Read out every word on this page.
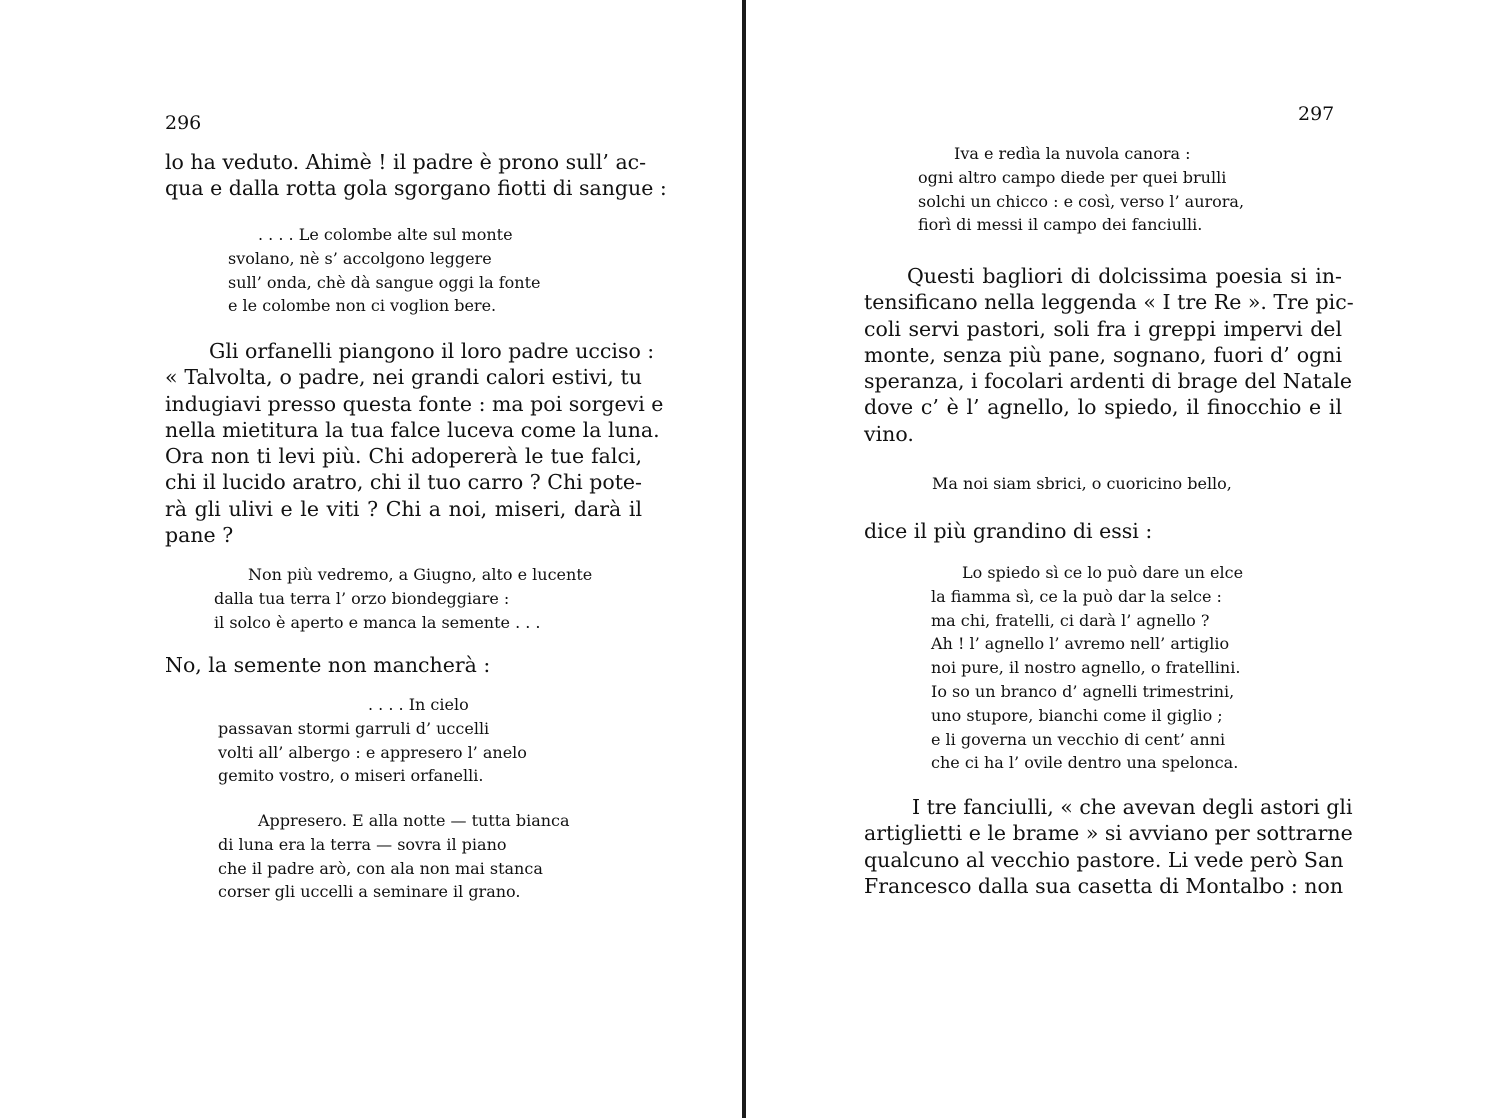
296
lo ha veduto. Ahimè ! il padre è prono sull’ ac-
qua e dalla rotta gola sgorgano fiotti di sangue :
. . . . Le colombe alte sul monte
svolano, nè s’ accolgono leggere
sull’ onda, chè dà sangue oggi la fonte
e le colombe non ci voglion bere.
Gli orfanelli piangono il loro padre ucciso :
« Talvolta, o padre, nei grandi calori estivi, tu
indugiavi presso questa fonte : ma poi sorgevi e
nella mietitura la tua falce luceva come la luna.
Ora non ti levi più. Chi adopererà le tue falci,
chi il lucido aratro, chi il tuo carro ? Chi pote-
rà gli ulivi e le viti ? Chi a noi, miseri, darà il
pane ?
Non più vedremo, a Giugno, alto e lucente
dalla tua terra l’ orzo biondeggiare :
il solco è aperto e manca la semente . . .
No, la semente non mancherà :
. . . . In cielo
passavan stormi garruli d’ uccelli
volti all’ albergo : e appresero l’ anelo
gemito vostro, o miseri orfanelli.
Appresero. E alla notte — tutta bianca
di luna era la terra — sovra il piano
che il padre arò, con ala non mai stanca
corser gli uccelli a seminare il grano.
297
Iva e redìa la nuvola canora :
ogni altro campo diede per quei brulli
solchi un chicco : e così, verso l’ aurora,
fiorì di messi il campo dei fanciulli.
Questi bagliori di dolcissima poesia si in-
tensificano nella leggenda « I tre Re ». Tre pic-
coli servi pastori, soli fra i greppi impervi del
monte, senza più pane, sognano, fuori d’ ogni
speranza, i focolari ardenti di brage del Natale
dove c’ è l’ agnello, lo spiedo, il finocchio e il
vino.
Ma noi siam sbrici, o cuoricino bello,
dice il più grandino di essi :
Lo spiedo sì ce lo può dare un elce
la fiamma sì, ce la può dar la selce :
ma chi, fratelli, ci darà l’ agnello ?
Ah ! l’ agnello l’ avremo nell’ artiglio
noi pure, il nostro agnello, o fratellini.
Io so un branco d’ agnelli trimestrini,
uno stupore, bianchi come il giglio ;
e li governa un vecchio di cent’ anni
che ci ha l’ ovile dentro una spelonca.
I tre fanciulli, « che avevan degli astori gli
artiglietti e le brame » si avviano per sottrarne
qualcuno al vecchio pastore. Li vede però San
Francesco dalla sua casetta di Montalbo : non
